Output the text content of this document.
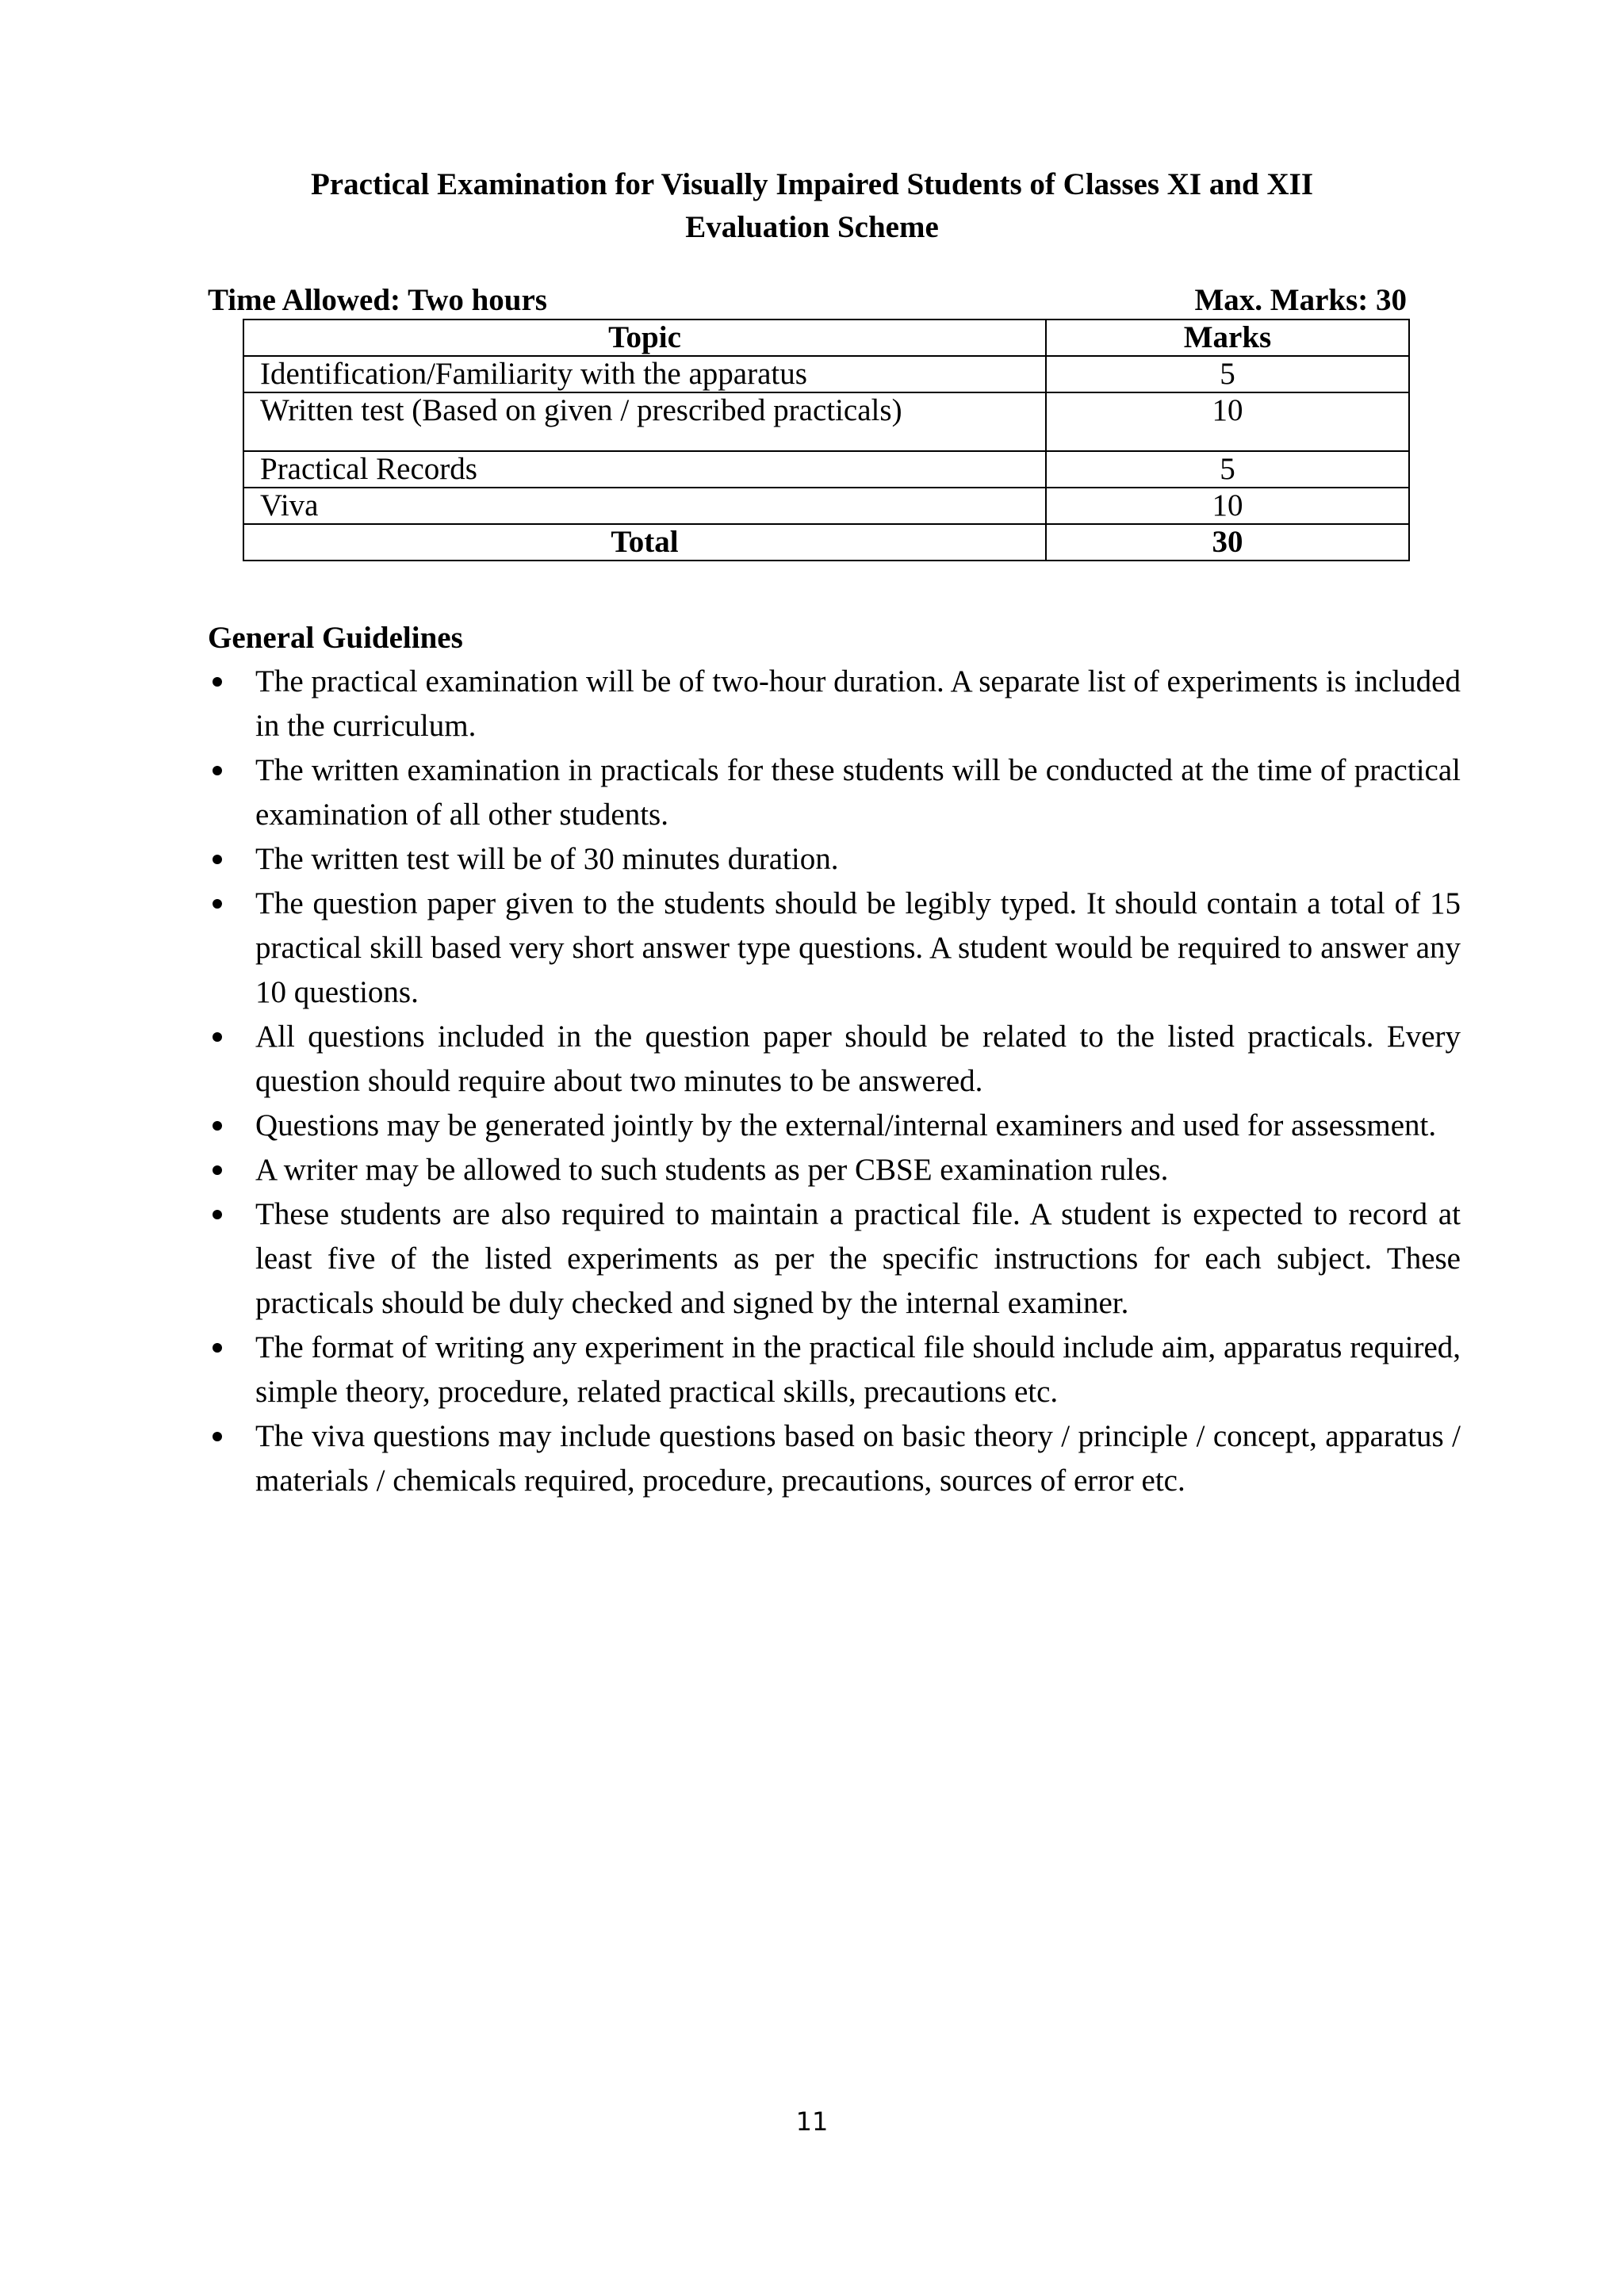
Practical Examination for Visually Impaired Students of Classes XI and XII
Evaluation Scheme
Time Allowed: Two hours	Max. Marks: 30
Topic	Marks
Identification/Familiarity with the apparatus	5
Written test (Based on given / prescribed practicals)	10
Practical Records	5
Viva	10
Total	30
General Guidelines
The practical examination will be of two-hour duration. A separate list of experiments is included in the curriculum.
The written examination in practicals for these students will be conducted at the time of practical examination of all other students.
The written test will be of 30 minutes duration.
The question paper given to the students should be legibly typed. It should contain a total of 15 practical skill based very short answer type questions. A student would be required to answer any 10 questions.
All questions included in the question paper should be related to the listed practicals. Every question should require about two minutes to be answered.
Questions may be generated jointly by the external/internal examiners and used for assessment.
A writer may be allowed to such students as per CBSE examination rules.
These students are also required to maintain a practical file. A student is expected to record at least five of the listed experiments as per the specific instructions for each subject. These practicals should be duly checked and signed by the internal examiner.
The format of writing any experiment in the practical file should include aim, apparatus required, simple theory, procedure, related practical skills, precautions etc.
The viva questions may include questions based on basic theory / principle / concept, apparatus / materials / chemicals required, procedure, precautions, sources of error etc.
11
